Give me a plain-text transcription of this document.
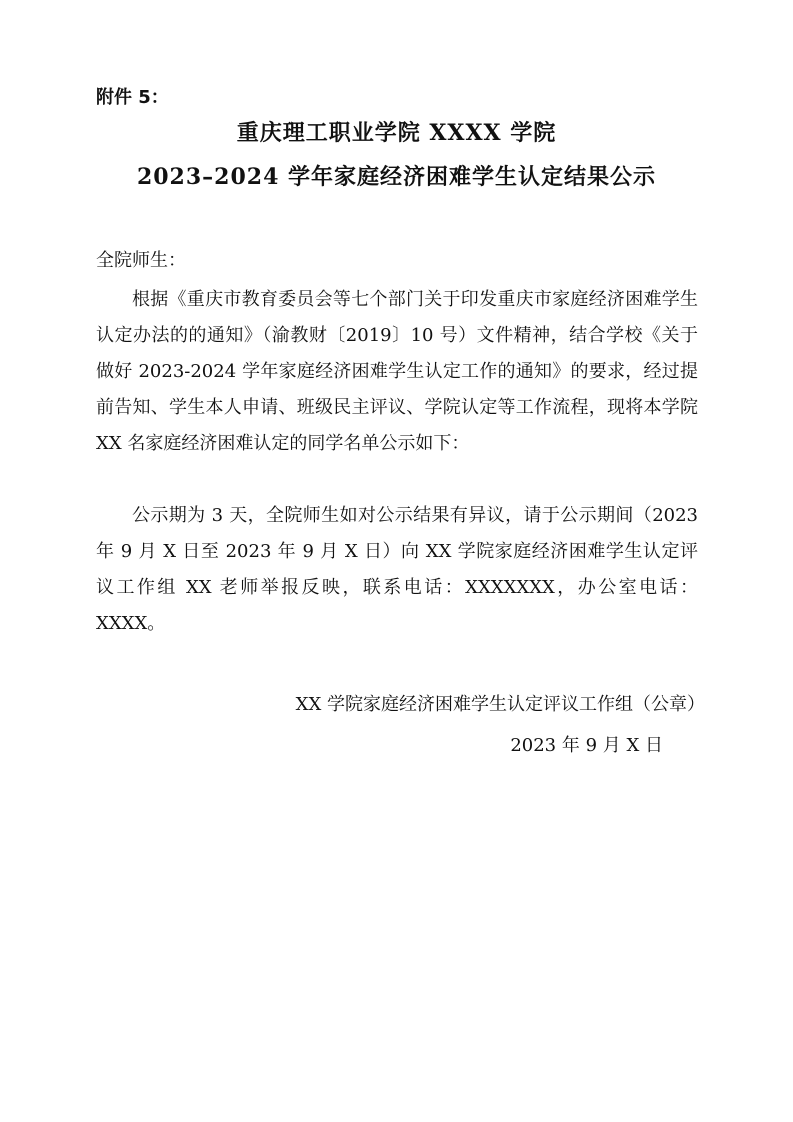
附件 5：
重庆理工职业学院 XXXX 学院
2023–2024 学年家庭经济困难学生认定结果公示
全院师生：

根据《重庆市教育委员会等七个部门关于印发重庆市家庭经济困难学生认定办法的的通知》（渝教财〔2019〕10 号）文件精神，结合学校《关于做好 2023-2024 学年家庭经济困难学生认定工作的通知》的要求，经过提前告知、学生本人申请、班级民主评议、学院认定等工作流程，现将本学院 XX 名家庭经济困难认定的同学名单公示如下：

公示期为 3 天，全院师生如对公示结果有异议，请于公示期间（2023 年 9 月 X 日至 2023 年 9 月 X 日）向 XX 学院家庭经济困难学生认定评议工作组 XX 老师举报反映，联系电话：XXXXXXX，办公室电话：XXXX。

XX 学院家庭经济困难学生认定评议工作组（公章）
2023 年 9 月 X 日
